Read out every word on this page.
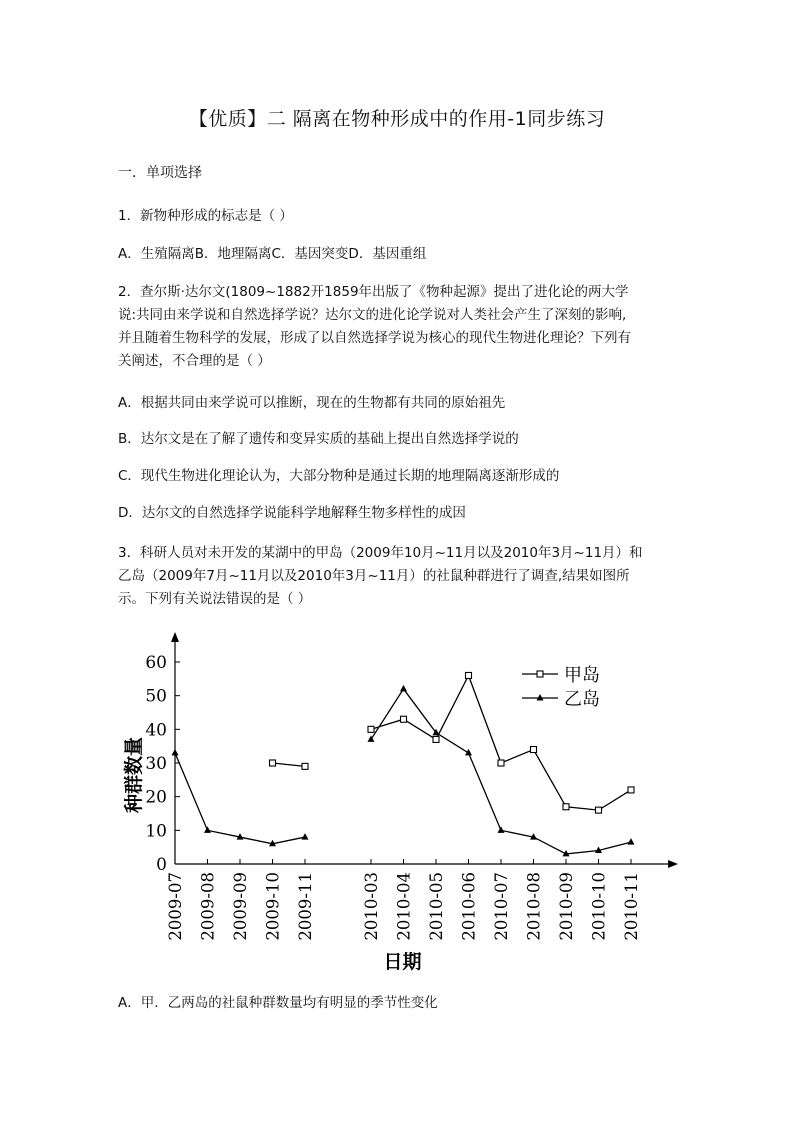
【优质】二 隔离在物种形成中的作用-1同步练习
一．单项选择
1．新物种形成的标志是（ ）
A．生殖隔离B．地理隔离C．基因突变D．基因重组
2．查尔斯·达尔文(1809~1882开1859年出版了《物种起源》提出了进化论的两大学
说:共同由来学说和自然选择学说？达尔文的进化论学说对人类社会产生了深刻的影响,
并且随着生物科学的发展，形成了以自然选择学说为核心的现代生物进化理论？下列有
关阐述，不合理的是（ ）
A．根据共同由来学说可以推断，现在的生物都有共同的原始祖先
B．达尔文是在了解了遗传和变异实质的基础上提出自然选择学说的
C．现代生物进化理论认为，大部分物种是通过长期的地理隔离逐渐形成的
D．达尔文的自然选择学说能科学地解释生物多样性的成因
3．科研人员对未开发的某湖中的甲岛（2009年10月~11月以及2010年3月~11月）和
乙岛（2009年7月~11月以及2010年3月~11月）的社鼠种群进行了调查,结果如图所
示。下列有关说法错误的是（ ）
0
10
20
30
40
50
60
2009-07 2009-08 2009-09 2009-10 2009-11	2010-03 2010-04 2010-05 2010-06 2010-07 2010-08 2010-09 2010-10 2010-11
种群数量
日期
甲岛
乙岛
A．甲．乙两岛的社鼠种群数量均有明显的季节性变化
